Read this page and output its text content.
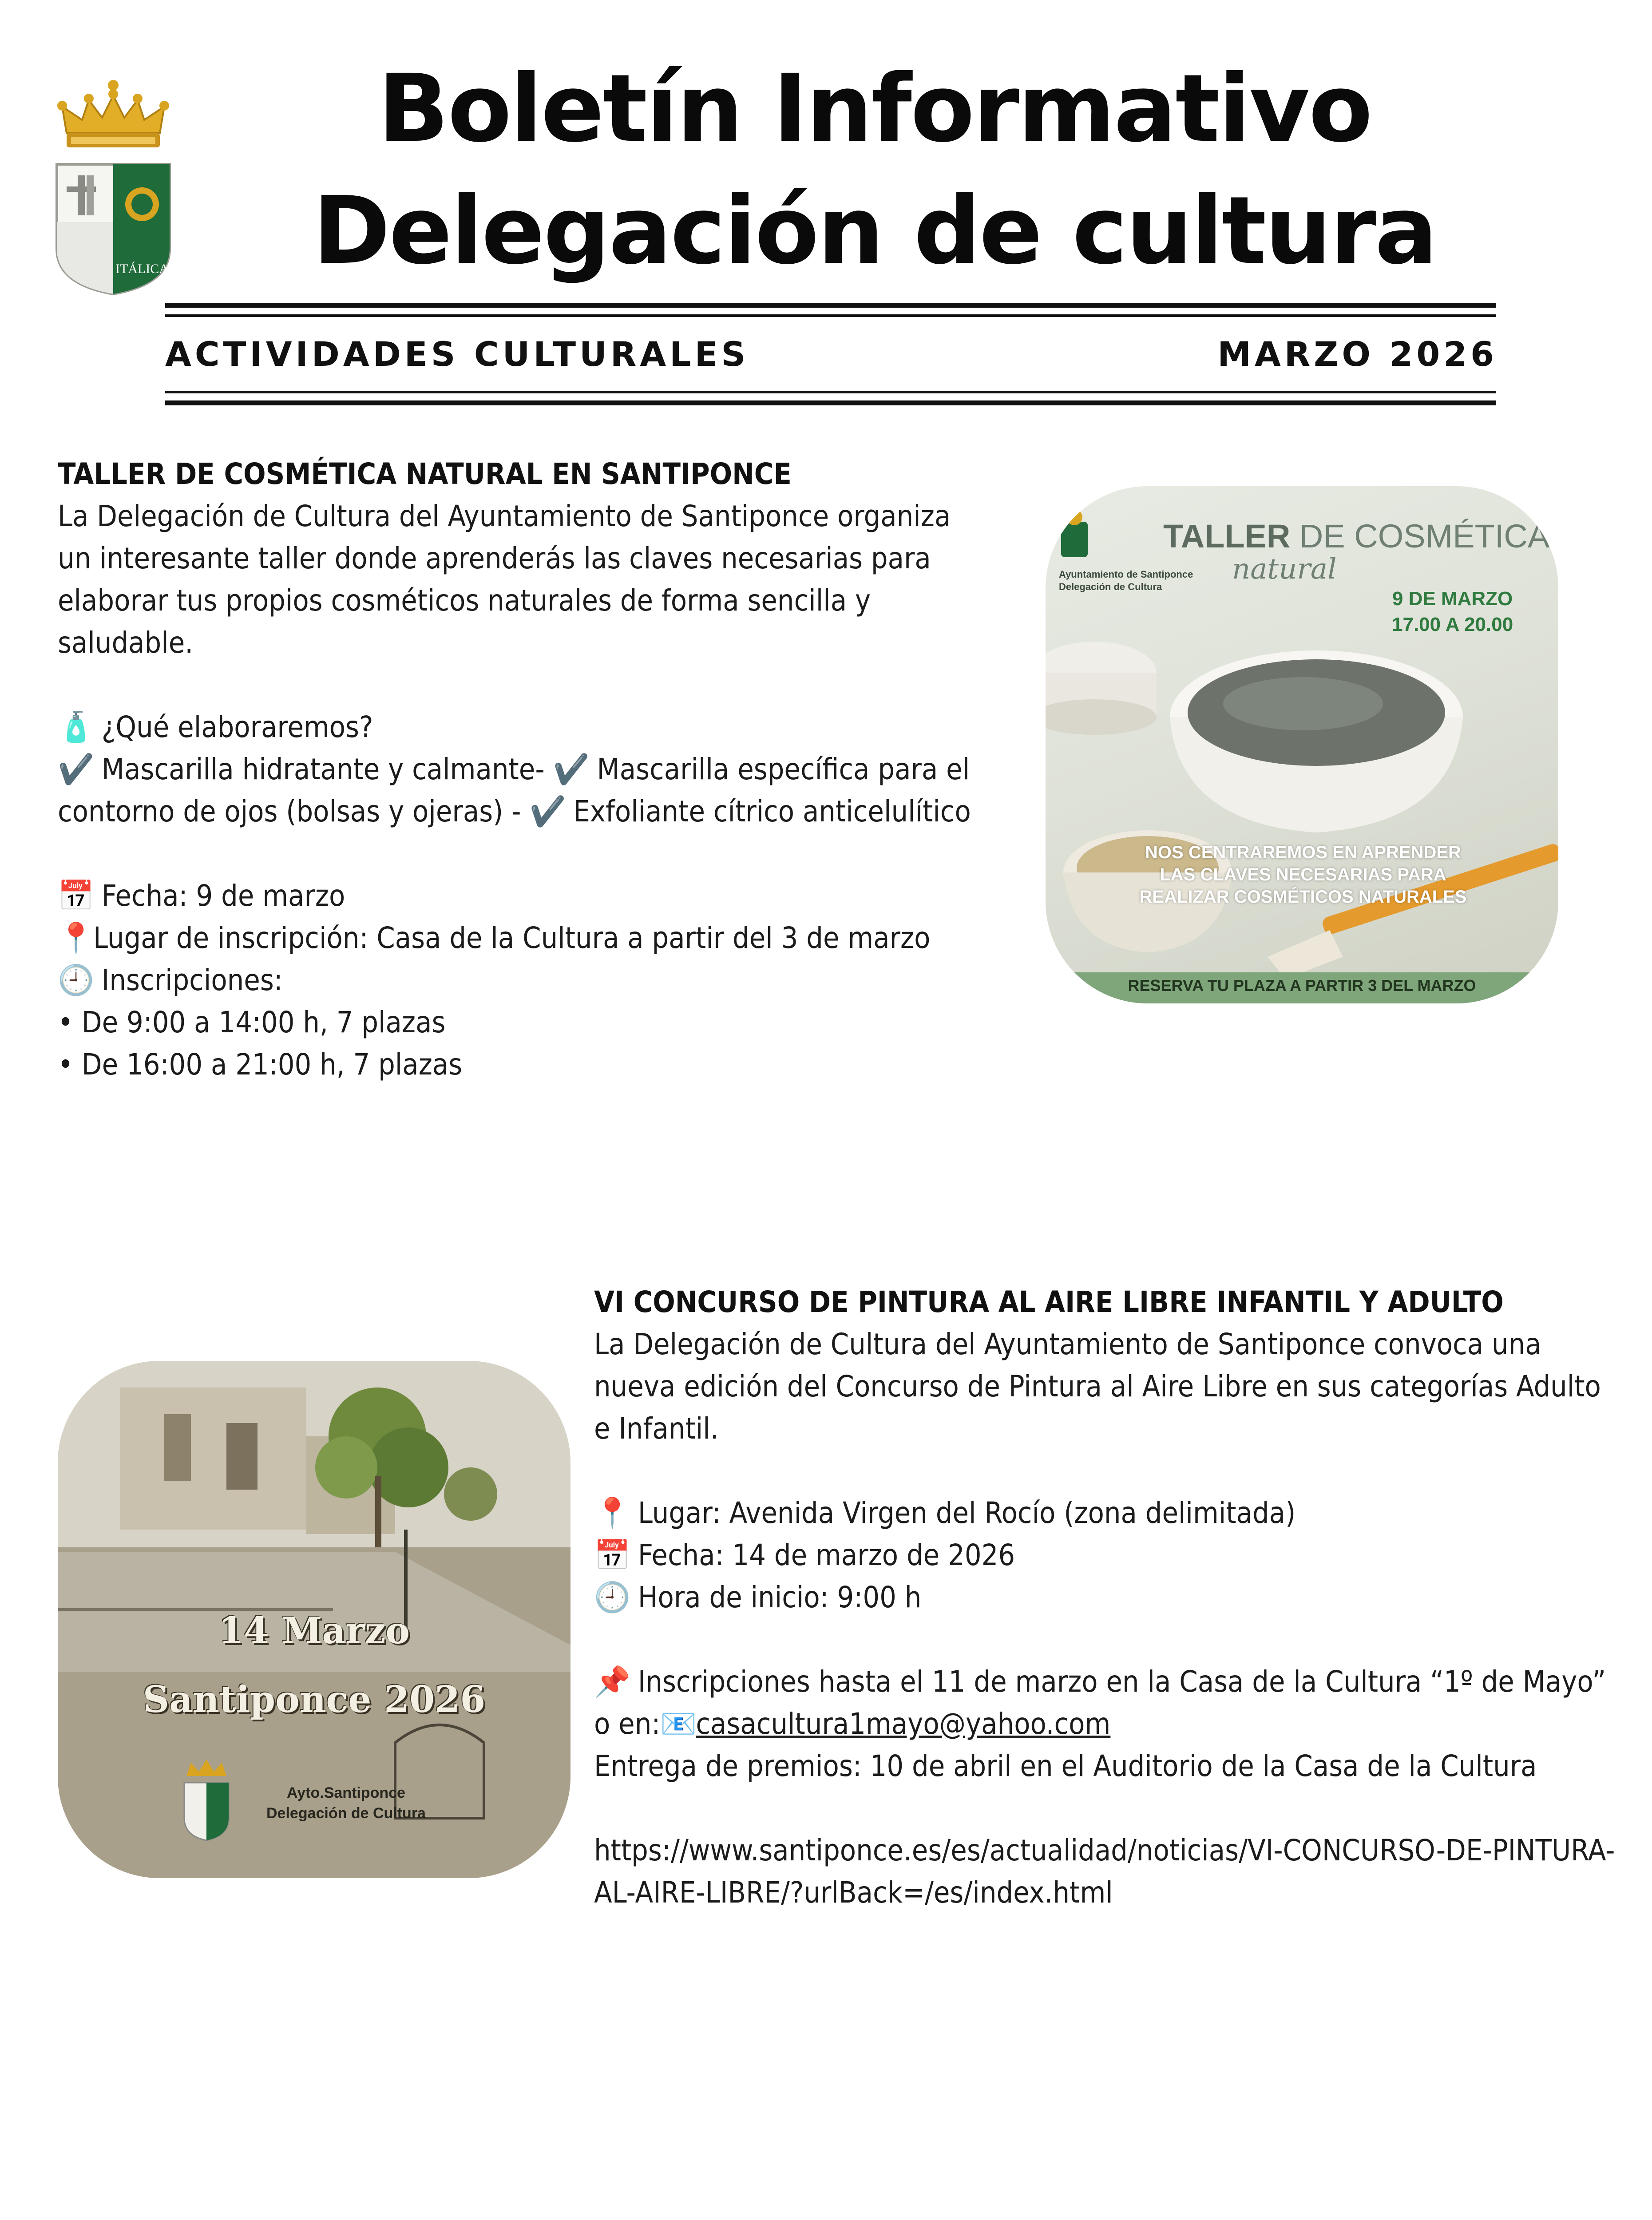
ITÁLICA
Boletín Informativo
Delegación de cultura
ACTIVIDADES CULTURALES	MARZO 2026

TALLER DE COSMÉTICA NATURAL EN SANTIPONCE

La Delegación de Cultura del Ayuntamiento de Santiponce organiza un interesante taller donde aprenderás las claves necesarias para elaborar tus propios cosméticos naturales de forma sencilla y saludable.

🧴 ¿Qué elaboraremos?

✔️ Mascarilla hidratante y calmante- ✔️ Mascarilla específica para el contorno de ojos (bolsas y ojeras) - ✔️ Exfoliante cítrico anticelulítico

📅 Fecha: 9 de marzo

📍Lugar de inscripción: Casa de la Cultura a partir del 3 de marzo

🕘 Inscripciones:

• De 9:00 a 14:00 h, 7 plazas

• De 16:00 a 21:00 h, 7 plazas

TALLER DE COSMÉTICA
natural
9 DE MARZO
17.00 A 20.00
Ayuntamiento de Santiponce
Delegación de Cultura
NOS CENTRAREMOS EN APRENDER LAS CLAVES NECESARIAS PARA REALIZAR COSMÉTICOS NATURALES
RESERVA TU PLAZA A PARTIR 3 DEL MARZO

VI CONCURSO DE PINTURA AL AIRE LIBRE INFANTIL Y ADULTO

La Delegación de Cultura del Ayuntamiento de Santiponce convoca una nueva edición del Concurso de Pintura al Aire Libre en sus categorías Adulto e Infantil.

📍 Lugar: Avenida Virgen del Rocío (zona delimitada)

📅 Fecha: 14 de marzo de 2026

🕘 Hora de inicio: 9:00 h

📌 Inscripciones hasta el 11 de marzo en la Casa de la Cultura “1º de Mayo” o en:📧casacultura1mayo@yahoo.com

Entrega de premios: 10 de abril en el Auditorio de la Casa de la Cultura

https://www.santiponce.es/es/actualidad/noticias/VI-CONCURSO-DE-PINTURA-AL-AIRE-LIBRE/?urlBack=/es/index.html

14 Marzo
Santiponce 2026
Ayto.Santiponce
Delegación de Cultura
